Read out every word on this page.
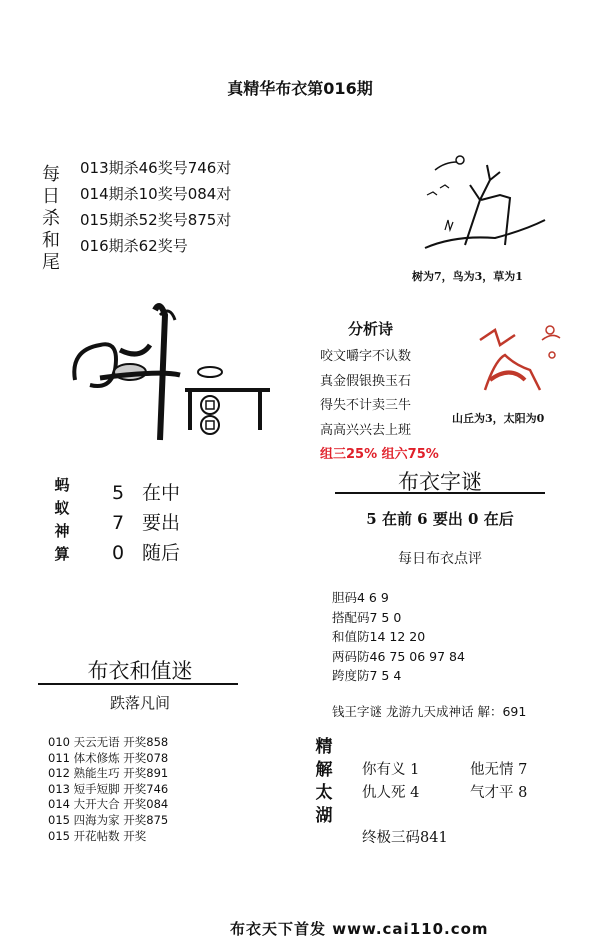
真精华布衣第016期
每
日
杀
和
尾
013期杀46奖号746对
014期杀10奖号084对
015期杀52奖号875对
016期杀62奖号
树为7，鸟为3，草为1
分析诗
咬文嚼字不认数
真金假银换玉石
得失不计卖三牛
高高兴兴去上班
组三25% 组六75%
山丘为3，太阳为0
蚂
蚁
神
算
5 在中
7 要出
0 随后
布衣字谜
5 在前 6 要出 0 在后
每日布衣点评
胆码4 6 9
搭配码7 5 0
和值防14 12 20
两码防46 75 06 97 84
跨度防7 5 4
钱王字谜 龙游九天成神话 解：691
布衣和值迷
跌落凡间
010 天云无语 开奖858
011 体术修炼 开奖078
012 熟能生巧 开奖891
013 短手短脚 开奖746
014 大开大合 开奖084
015 四海为家 开奖875
015 开花帖数 开奖
精
解
太
湖
你有义 1	他无情 7
仇人死 4	气才平 8
终极三码841
布衣天下首发 www.cai110.com
